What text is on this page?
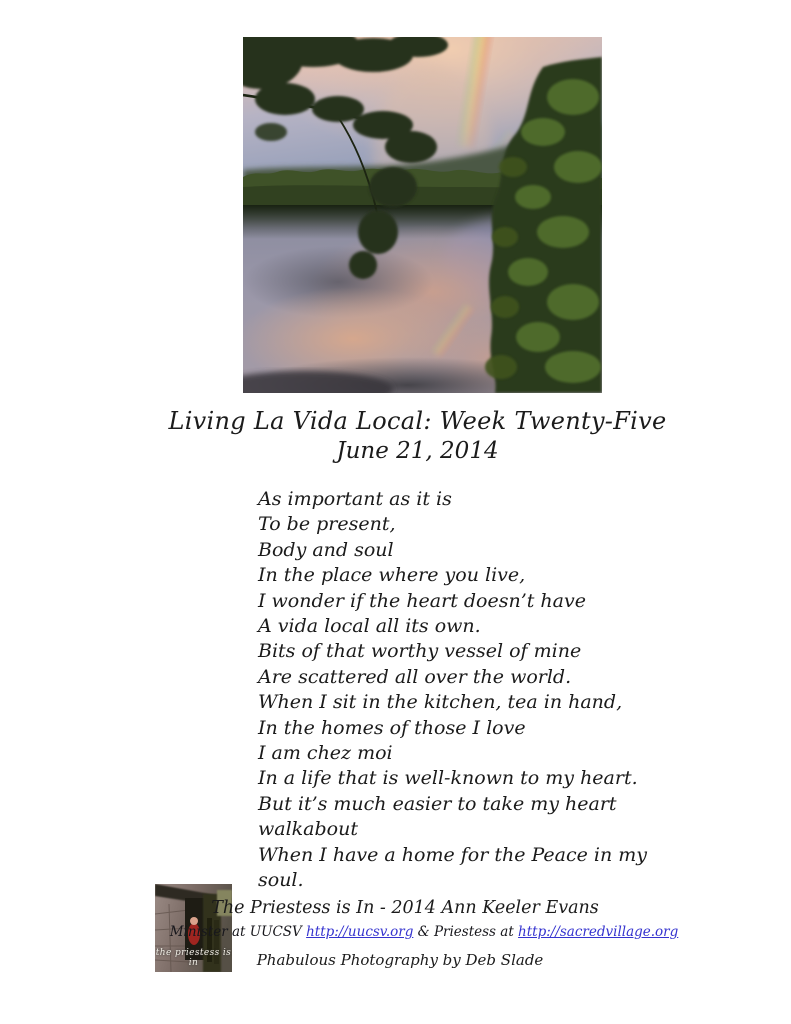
Living La Vida Local: Week Twenty-Five
June 21, 2014
As important as it is
To be present,
Body and soul
In the place where you live,
I wonder if the heart doesn’t have
A vida local all its own.
Bits of that worthy vessel of mine
Are scattered all over the world.
When I sit in the kitchen, tea in hand,
In the homes of those I love
I am chez moi
In a life that is well-known to my heart.
But it’s much easier to take my heart walkabout
When I have a home for the Peace in my soul.
the priestess is in
The Priestess is In - 2014 Ann Keeler Evans
Minister at UUCSV http://uucsv.org & Priestess at http://sacredvillage.org
Phabulous Photography by Deb Slade
